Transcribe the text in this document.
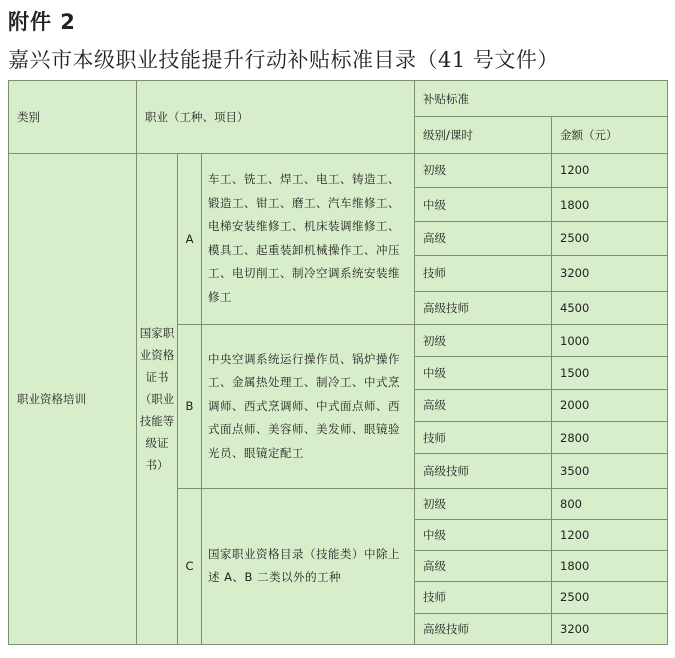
附件 2
嘉兴市本级职业技能提升行动补贴标准目录（41 号文件）
类别	职业（工种、项目）			补贴标准	
				级别/课时	金额（元）
职业资格培训	国家职业资格证书（职业技能等级证书）	A	车工、铣工、焊工、电工、铸造工、锻造工、钳工、磨工、汽车维修工、电梯安装维修工、机床装调维修工、模具工、起重装卸机械操作工、冲压工、电切削工、制冷空调系统安装维修工	初级	1200
				中级	1800
				高级	2500
				技师	3200
				高级技师	4500
		B	中央空调系统运行操作员、锅炉操作工、金属热处理工、制冷工、中式烹调师、西式烹调师、中式面点师、西式面点师、美容师、美发师、眼镜验光员、眼镜定配工	初级	1000
				中级	1500
				高级	2000
				技师	2800
				高级技师	3500
		C	国家职业资格目录（技能类）中除上述 A、B 二类以外的工种	初级	800
				中级	1200
				高级	1800
				技师	2500
				高级技师	3200
